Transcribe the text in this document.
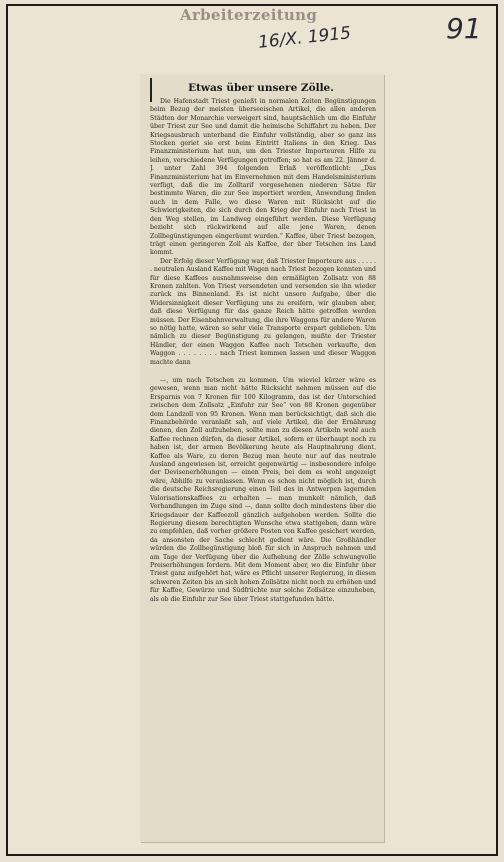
Arbeiterzeitung
16/X. 1915	91
Etwas über unsere Zölle.

Die Hafenstadt Triest genießt in normalen Zeiten Begünstigungen beim Bezug der meisten überseeischen Artikel, die allen anderen Städten der Monarchie verweigert sind, hauptsächlich um die Einfuhr über Triest zur See und damit die heimische Schiffahrt zu heben. Der Kriegsausbruch unterband die Einfuhr vollständig, aber so ganz ins Stocken geriet sie erst beim Eintritt Italiens in den Krieg. Das Finanzministerium hat nun, um den Triester Importeuren Hilfe zu leihen, verschiedene Verfügungen getroffen; so hat es am 22. Jänner d. J. unter Zahl 394 folgenden Erlaß veröffentlicht: „Das Finanzministerium hat im Einvernehmen mit dem Handelsministerium verfügt, daß die im Zolltarif vorgesehenen niederen Sätze für bestimmte Waren, die zur See importiert werden, Anwendung finden auch in dem Falle, wo diese Waren mit Rücksicht auf die Schwierigkeiten, die sich durch den Krieg der Einfuhr nach Triest in den Weg stellen, im Landweg eingeführt werden. Diese Verfügung bezieht sich rückwirkend auf alle jene Waren, denen Zollbegünstigungen eingeräumt wurden.“ Kaffee, über Triest bezogen, trägt einen geringeren Zoll als Kaffee, der über Tetschen ins Land kommt.

Der Erfolg dieser Verfügung war, daß Triester Importeure aus . . . . . . neutralen Ausland Kaffee mit Wagen nach Triest bezogen konnten und für diese Kaffees ausnahmsweise den ermäßigten Zollsatz von 88 Kronen zahlten. Von Triest versendeten und versenden sie ihn wieder zurück ins Binnenland. Es ist nicht unsere Aufgabe, über die Widersinnigkeit dieser Verfügung uns zu ereifern, wir glauben aber, daß diese Verfügung für das ganze Reich hätte getroffen werden müssen. Der Eisenbahnverwaltung, die ihre Waggons für andere Waren so nötig hatte, wären so sehr viele Transporte erspart geblieben. Um nämlich zu dieser Begünstigung zu gelangen, mußte der Triester Händler, der einen Waggon Kaffee nach Tetschen verkaufte, den Waggon . . . . . . . . nach Triest kommen lassen und dieser Waggon machte dann

—, um nach Tetschen zu kommen. Um wieviel kürzer wäre es gewesen, wenn man nicht hätte Rücksicht nehmen müssen auf die Ersparnis von 7 Kronen für 100 Kilogramm, das ist der Unterschied zwischen dem Zollsatz „Einfuhr zur See“ von 88 Kronen gegenüber dem Landzoll von 95 Kronen. Wenn man berücksichtigt, daß sich die Finanzbehörde veranlaßt sah, auf viele Artikel, die der Ernährung dienen, den Zoll aufzuheben, sollte man zu diesen Artikeln wohl auch Kaffee rechnen dürfen, da dieser Artikel, sofern er überhaupt noch zu haben ist, der armen Bevölkerung heute als Hauptnahrung dient. Kaffee als Ware, zu deren Bezug man heute nur auf das neutrale Ausland angewiesen ist, erreicht gegenwärtig — insbesondere infolge der Devisenerhöhungen — einen Preis, bei dem es wohl angezeigt wäre, Abhilfe zu veranlassen. Wenn es schon nicht möglich ist, durch die deutsche Reichsregierung einen Teil des in Antwerpen lagernden Valorisationskaffees zu erhalten — man munkelt nämlich, daß Verhandlungen im Zuge sind —, dann sollte doch mindestens über die Kriegsdauer der Kaffeezoll gänzlich aufgehoben werden. Sollte die Regierung diesem berechtigten Wunsche etwa stattgeben, dann wäre zu empfehlen, daß vorher größere Posten von Kaffee gesichert werden, da ansonsten der Sache schlecht gedient wäre. Die Großhändler würden die Zollbegünstigung bloß für sich in Anspruch nehmen und am Tage der Verfügung über die Aufhebung der Zölle schwungvolle Preiserhöhungen fordern. Mit dem Moment aber, wo die Einfuhr über Triest ganz aufgehört hat, wäre es Pflicht unserer Regierung, in diesen schweren Zeiten bis an sich hohen Zollsätze nicht noch zu erhöhen und für Kaffee, Gewürze und Südfrüchte nur solche Zollsätze einzuheben, als ob die Einfuhr zur See über Triest stattgefunden hätte.
